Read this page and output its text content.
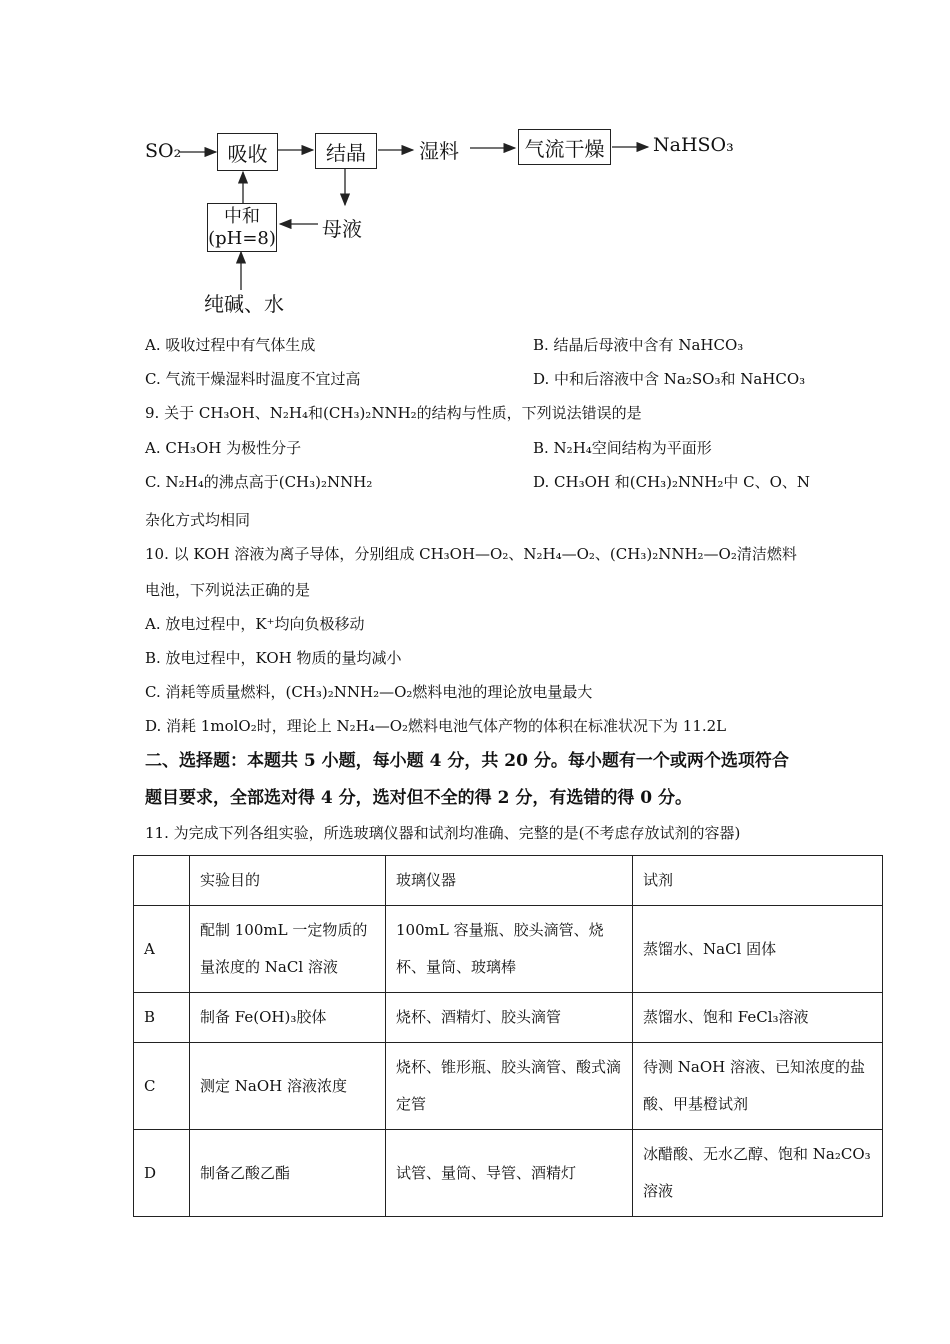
SO₂	吸收	结晶	湿料	气流干燥	NaHSO₃
中和
(pH=8) 母液
纯碱、水
A. 吸收过程中有气体生成	B. 结晶后母液中含有 NaHCO₃
C. 气流干燥湿料时温度不宜过高	D. 中和后溶液中含 Na₂SO₃和 NaHCO₃
9. 关于 CH₃OH、N₂H₄和(CH₃)₂NNH₂的结构与性质，下列说法错误的是
A. CH₃OH 为极性分子	B. N₂H₄空间结构为平面形
C. N₂H₄的沸点高于(CH₃)₂NNH₂	D. CH₃OH 和(CH₃)₂NNH₂中 C、O、N
杂化方式均相同
10. 以 KOH 溶液为离子导体，分别组成 CH₃OH—O₂、N₂H₄—O₂、(CH₃)₂NNH₂—O₂清洁燃料
电池，下列说法正确的是
A. 放电过程中，K⁺均向负极移动
B. 放电过程中，KOH 物质的量均减小
C. 消耗等质量燃料，(CH₃)₂NNH₂—O₂燃料电池的理论放电量最大
D. 消耗 1molO₂时，理论上 N₂H₄—O₂燃料电池气体产物的体积在标准状况下为 11.2L
二、选择题：本题共 5 小题，每小题 4 分，共 20 分。每小题有一个或两个选项符合
题目要求，全部选对得 4 分，选对但不全的得 2 分，有选错的得 0 分。
11. 为完成下列各组实验，所选玻璃仪器和试剂均准确、完整的是(不考虑存放试剂的容器)
	实验目的	玻璃仪器	试剂
A	配制 100mL 一定物质的量浓度的 NaCl 溶液	100mL 容量瓶、胶头滴管、烧杯、量筒、玻璃棒	蒸馏水、NaCl 固体
B	制备 Fe(OH)₃胶体	烧杯、酒精灯、胶头滴管	蒸馏水、饱和 FeCl₃溶液
C	测定 NaOH 溶液浓度	烧杯、锥形瓶、胶头滴管、酸式滴定管	待测 NaOH 溶液、已知浓度的盐酸、甲基橙试剂
D	制备乙酸乙酯	试管、量筒、导管、酒精灯	冰醋酸、无水乙醇、饱和 Na₂CO₃溶液
